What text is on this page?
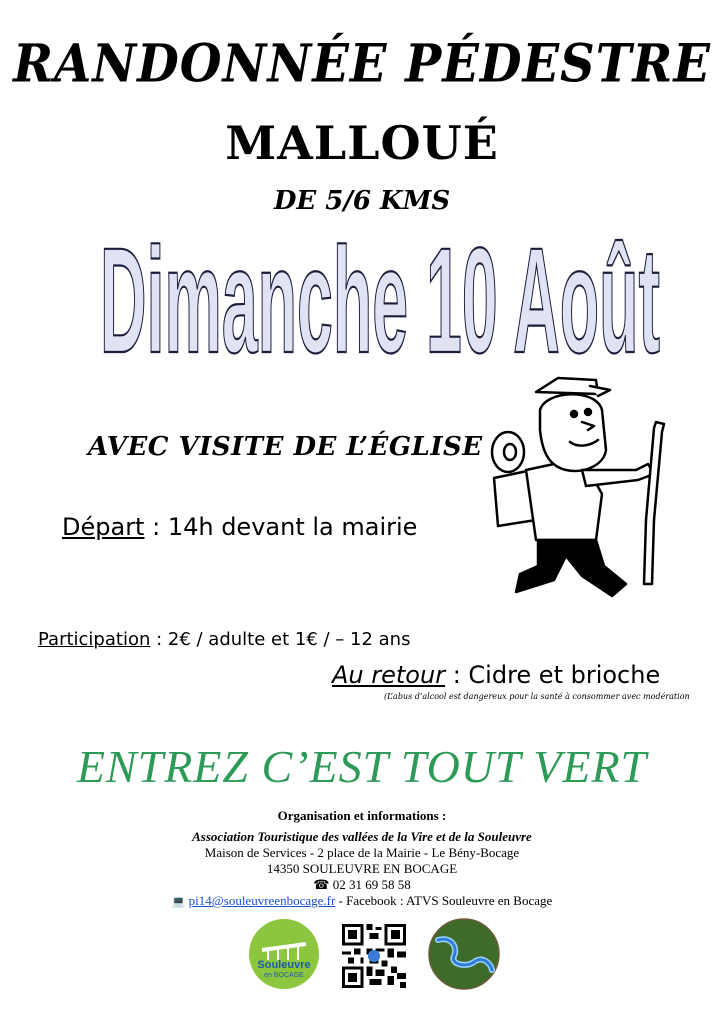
RANDONNÉE PÉDESTRE
MALLOUÉ
DE 5/6 KMS
Dimanche 10 Août
AVEC VISITE DE L’ÉGLISE
Départ : 14h devant la mairie
Participation : 2€ / adulte et 1€ / – 12 ans
Au retour : Cidre et brioche
(L’abus d’alcool est dangereux pour la santé à consommer avec modération
ENTREZ C’EST TOUT VERT
Organisation et informations :
Association Touristique des vallées de la Vire et de la Souleuvre
Maison de Services - 2 place de la Mairie - Le Bény-Bocage
14350 SOULEUVRE EN BOCAGE
☎ 02 31 69 58 58
💻 pi14@souleuvreenbocage.fr - Facebook : ATVS Souleuvre en Bocage
Souleuvre
en BOCAGE
